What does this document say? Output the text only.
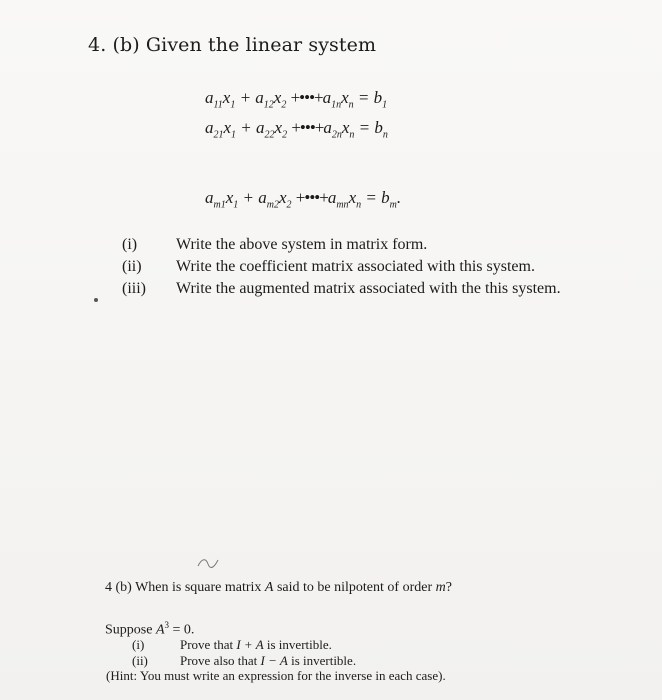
4. (b) Given the linear system
$a_{11}x_1 + a_{12}x_2$ $+•••+a_{1n}x_n = b_1$
$a_{21}x_1 + a_{22}x_2$ $+•••+a_{2n}x_n = b_n$
$a_{m1}x_1 + a_{m2}x_2$ $+•••+a_{mn}x_n = b_m$.
(i) Write the above system in matrix form.
(ii) Write the coefficient matrix associated with this system.
(iii) Write the augmented matrix associated with the this system.
4 (b) When is square matrix A said to be nilpotent of order m?
Suppose $A^3 = 0$.
(i)	Prove that I + A is invertible.
(ii) Prove also that I − A is invertible.
(Hint: You must write an expression for the inverse in each case).
